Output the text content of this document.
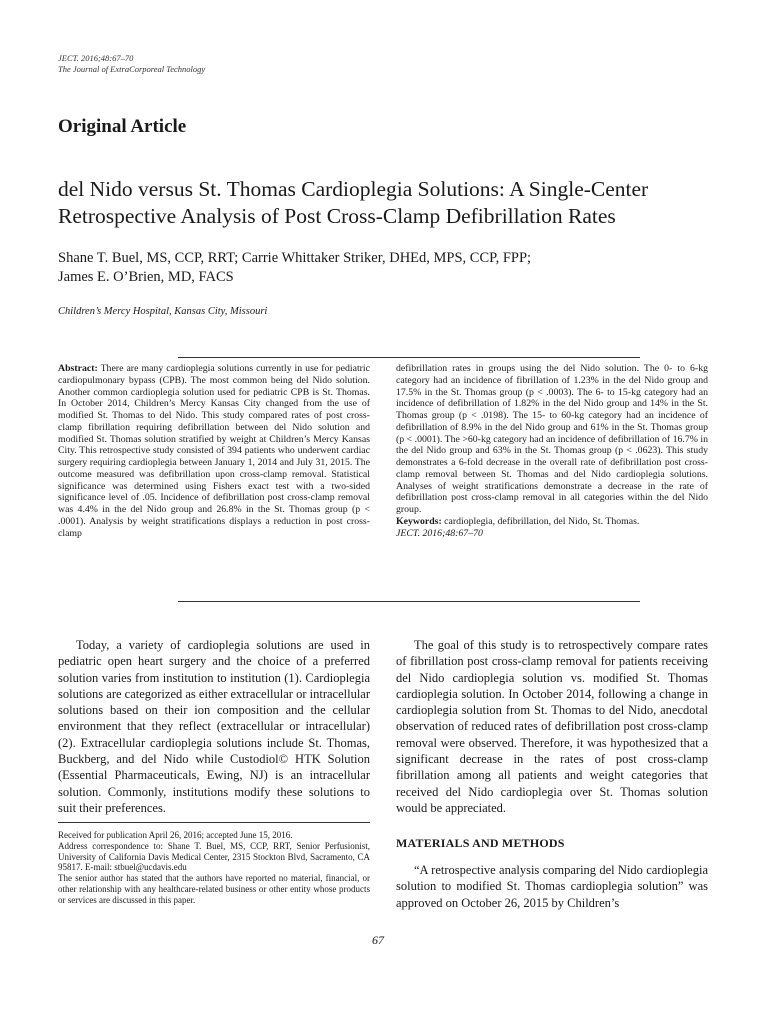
JECT. 2016;48:67–70
The Journal of ExtraCorporeal Technology
Original Article
del Nido versus St. Thomas Cardioplegia Solutions: A Single-Center Retrospective Analysis of Post Cross-Clamp Defibrillation Rates
Shane T. Buel, MS, CCP, RRT; Carrie Whittaker Striker, DHEd, MPS, CCP, FPP;
James E. O’Brien, MD, FACS
Children’s Mercy Hospital, Kansas City, Missouri

Abstract: There are many cardioplegia solutions currently in use for pediatric cardiopulmonary bypass (CPB). The most common being del Nido solution. Another common cardioplegia solution used for pediatric CPB is St. Thomas. In October 2014, Children’s Mercy Kansas City changed from the use of modified St. Thomas to del Nido. This study compared rates of post cross-clamp fibrillation requiring defibrillation between del Nido solution and modified St. Thomas solution stratified by weight at Children’s Mercy Kansas City. This retrospective study consisted of 394 patients who underwent cardiac surgery requiring cardioplegia between January 1, 2014 and July 31, 2015. The outcome measured was defibrillation upon cross-clamp removal. Statistical significance was determined using Fishers exact test with a two-sided significance level of .05. Incidence of defibrillation post cross-clamp removal was 4.4% in the del Nido group and 26.8% in the St. Thomas group (p < .0001). Analysis by weight stratifications displays a reduction in post cross-clamp

defibrillation rates in groups using the del Nido solution. The 0- to 6-kg category had an incidence of fibrillation of 1.23% in the del Nido group and 17.5% in the St. Thomas group (p < .0003). The 6- to 15-kg category had an incidence of defibrillation of 1.82% in the del Nido group and 14% in the St. Thomas group (p < .0198). The 15- to 60-kg category had an incidence of defibrillation of 8.9% in the del Nido group and 61% in the St. Thomas group (p < .0001). The >60-kg category had an incidence of defibrillation of 16.7% in the del Nido group and 63% in the St. Thomas group (p < .0623). This study demonstrates a 6-fold decrease in the overall rate of defibrillation post cross-clamp removal between St. Thomas and del Nido cardioplegia solutions. Analyses of weight stratifications demonstrate a decrease in the rate of defibrillation post cross-clamp removal in all categories within the del Nido group.

Keywords: cardioplegia, defibrillation, del Nido, St. Thomas.

JECT. 2016;48:67–70

Today, a variety of cardioplegia solutions are used in pediatric open heart surgery and the choice of a preferred solution varies from institution to institution (1). Cardioplegia solutions are categorized as either extracellular or intracellular solutions based on their ion composition and the cellular environment that they reflect (extracellular or intracellular) (2). Extracellular cardioplegia solutions include St. Thomas, Buckberg, and del Nido while Custodiol© HTK Solution (Essential Pharmaceuticals, Ewing, NJ) is an intracellular solution. Commonly, institutions modify these solutions to suit their preferences.

Received for publication April 26, 2016; accepted June 15, 2016.

Address correspondence to: Shane T. Buel, MS, CCP, RRT, Senior Perfusionist, University of California Davis Medical Center, 2315 Stockton Blvd, Sacramento, CA 95817. E-mail: stbuel@ucdavis.edu

The senior author has stated that the authors have reported no material, financial, or other relationship with any healthcare-related business or other entity whose products or services are discussed in this paper.

The goal of this study is to retrospectively compare rates of fibrillation post cross-clamp removal for patients receiving del Nido cardioplegia solution vs. modified St. Thomas cardioplegia solution. In October 2014, following a change in cardioplegia solution from St. Thomas to del Nido, anecdotal observation of reduced rates of defibrillation post cross-clamp removal were observed. Therefore, it was hypothesized that a significant decrease in the rates of post cross-clamp fibrillation among all patients and weight categories that received del Nido cardioplegia over St. Thomas solution would be appreciated.

MATERIALS AND METHODS

“A retrospective analysis comparing del Nido cardioplegia solution to modified St. Thomas cardioplegia solution” was approved on October 26, 2015 by Children’s

67
